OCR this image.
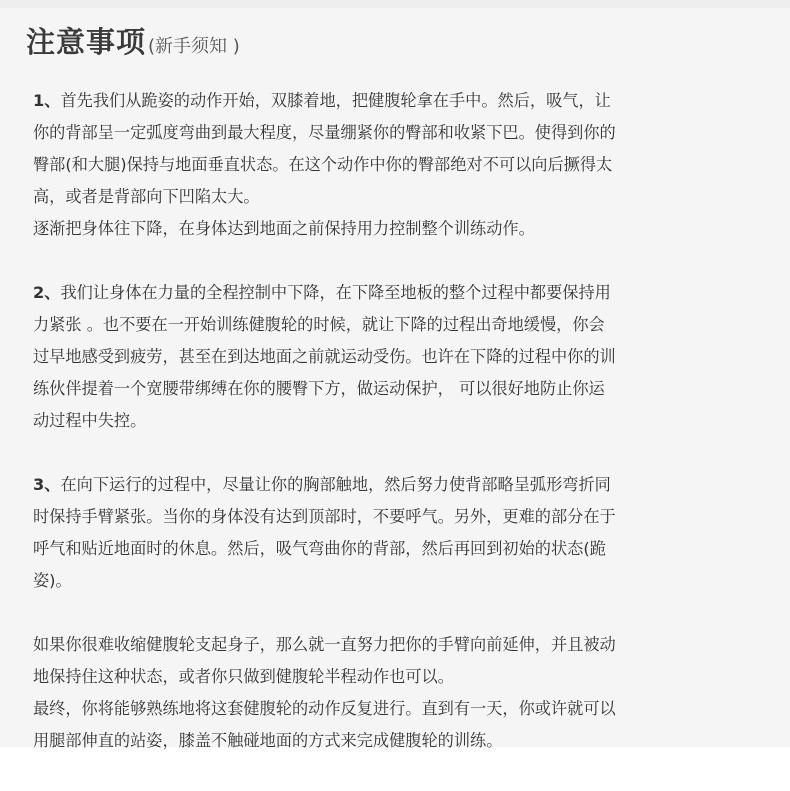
注意事项 (新手须知 )
1、首先我们从跪姿的动作开始，双膝着地，把健腹轮拿在手中。然后，吸气，让
你的背部呈一定弧度弯曲到最大程度，尽量绷紧你的臀部和收紧下巴。使得到你的
臀部(和大腿)保持与地面垂直状态。在这个动作中你的臀部绝对不可以向后撅得太
高，或者是背部向下凹陷太大。
逐渐把身体往下降，在身体达到地面之前保持用力控制整个训练动作。
2、我们让身体在力量的全程控制中下降，在下降至地板的整个过程中都要保持用
力紧张 。也不要在一开始训练健腹轮的时候，就让下降的过程出奇地缓慢，你会
过早地感受到疲劳，甚至在到达地面之前就运动受伤。也许在下降的过程中你的训
练伙伴提着一个宽腰带绑缚在你的腰臀下方，做运动保护， 可以很好地防止你运
动过程中失控。
3、在向下运行的过程中，尽量让你的胸部触地，然后努力使背部略呈弧形弯折同
时保持手臂紧张。当你的身体没有达到顶部时，不要呼气。另外，更难的部分在于
呼气和贴近地面时的休息。然后，吸气弯曲你的背部，然后再回到初始的状态(跪
姿)。
如果你很难收缩健腹轮支起身子，那么就一直努力把你的手臂向前延伸，并且被动
地保持住这种状态，或者你只做到健腹轮半程动作也可以。
最终，你将能够熟练地将这套健腹轮的动作反复进行。直到有一天，你或许就可以
用腿部伸直的站姿，膝盖不触碰地面的方式来完成健腹轮的训练。
